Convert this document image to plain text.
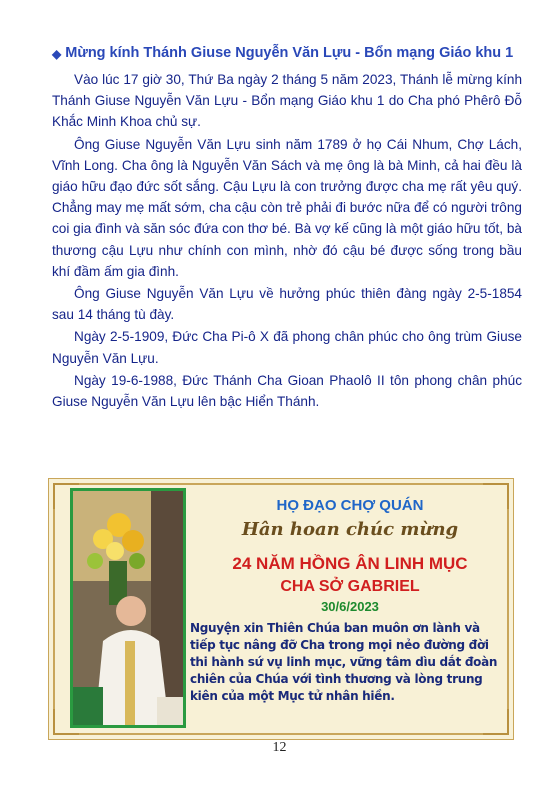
◆ Mừng kính Thánh Giuse Nguyễn Văn Lựu - Bổn mạng Giáo khu 1

Vào lúc 17 giờ 30, Thứ Ba ngày 2 tháng 5 năm 2023, Thánh lễ mừng kính Thánh Giuse Nguyễn Văn Lựu - Bổn mạng Giáo khu 1 do Cha phó Phêrô Đỗ Khắc Minh Khoa chủ sự.

Ông Giuse Nguyễn Văn Lựu sinh năm 1789 ở họ Cái Nhum, Chợ Lách, Vĩnh Long. Cha ông là Nguyễn Văn Sách và mẹ ông là bà Minh, cả hai đều là giáo hữu đạo đức sốt sắng. Cậu Lựu là con trưởng được cha mẹ rất yêu quý. Chẳng may mẹ mất sớm, cha cậu còn trẻ phải đi bước nữa để có người trông coi gia đình và săn sóc đứa con thơ bé. Bà vợ kế cũng là một giáo hữu tốt, bà thương cậu Lựu như chính con mình, nhờ đó cậu bé được sống trong bầu khí đầm ấm gia đình.

Ông Giuse Nguyễn Văn Lựu về hưởng phúc thiên đàng ngày 2-5-1854 sau 14 tháng tù đày.

Ngày 2-5-1909, Đức Cha Pi-ô X đã phong chân phúc cho ông trùm Giuse Nguyễn Văn Lựu.

Ngày 19-6-1988, Đức Thánh Cha Gioan Phaolô II tôn phong chân phúc Giuse Nguyễn Văn Lựu lên bậc Hiển Thánh.

HỌ ĐẠO CHỢ QUÁN
Hân hoan chúc mừng
24 NĂM HỒNG ÂN LINH MỤC
CHA SỞ GABRIEL
30/6/2023
Nguyện xin Thiên Chúa ban muôn ơn lành và tiếp tục nâng đỡ Cha trong mọi nẻo đường đời thi hành sứ vụ linh mục, vững tâm dìu dắt đoàn chiên của Chúa với tình thương và lòng trung kiên của một Mục tử nhân hiền.
12
